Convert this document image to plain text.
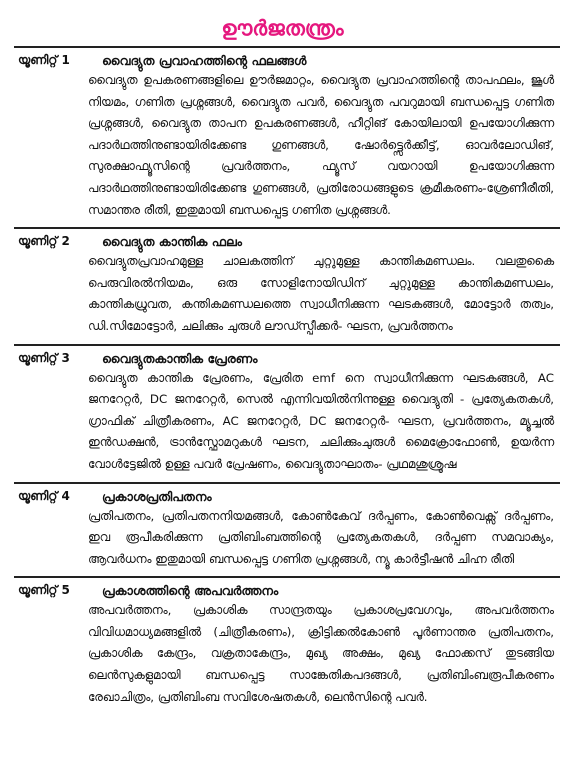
ഊർജതന്ത്രം
യൂണിറ്റ് 1	വൈദ്യുത പ്രവാഹത്തിന്റെ ഫലങ്ങൾ
വൈദ്യുത ഉപകരണങ്ങളിലെ ഊർജമാറ്റം, വൈദ്യുത പ്രവാഹത്തിന്റെ താപഫലം, ജൂൾ നിയമം, ഗണിത പ്രശ്നങ്ങൾ, വൈദ്യുത പവർ, വൈദ്യുത പവറുമായി ബന്ധപ്പെട്ട ഗണിത പ്രശ്നങ്ങൾ, വൈദ്യുത താപന ഉപകരണങ്ങൾ, ഹീറ്റിങ് കോയിലായി ഉപയോഗിക്കുന്ന പദാർഥത്തിനുണ്ടായിരിക്കേണ്ട ഗുണങ്ങൾ, ഷോർട്ട്സെർക്കീട്ട്, ഓവർലോഡിങ്, സുരക്ഷാഫ്യൂസിന്റെ പ്രവർത്തനം, ഫ്യൂസ് വയറായി ഉപയോഗിക്കുന്ന പദാർഥത്തിനുണ്ടായിരിക്കേണ്ട ഗുണങ്ങൾ, പ്രതിരോധങ്ങളുടെ ക്രമീകരണം-ശ്രേണീരീതി, സമാന്തര രീതി, ഇതുമായി ബന്ധപ്പെട്ട ഗണിത പ്രശ്നങ്ങൾ.
യൂണിറ്റ് 2	വൈദ്യുത കാന്തിക ഫലം
വൈദ്യുതപ്രവാഹമുള്ള ചാലകത്തിന് ചുറ്റുമുള്ള കാന്തികമണ്ഡലം. വലതുകൈ പെരുവിരൽനിയമം, ഒരു സോളിനോയിഡിന് ചുറ്റുമുള്ള കാന്തികമണ്ഡലം, കാന്തികധ്രുവത, കന്തികമണ്ഡലത്തെ സ്വാധീനിക്കുന്ന ഘടകങ്ങൾ, മോട്ടോർ തത്വം, ഡി.സിമോട്ടോർ, ചലിക്കും ചുരുൾ ലൗഡ്സ്പീക്കർ- ഘടന, പ്രവർത്തനം
യൂണിറ്റ് 3	വൈദ്യുതകാന്തിക പ്രേരണം
വൈദ്യുത കാന്തിക പ്രേരണം, പ്രേരിത emf നെ സ്വാധീനിക്കുന്ന ഘടകങ്ങൾ, AC ജനറേറ്റർ, DC ജനറേറ്റർ, സെൽ എന്നിവയിൽനിന്നുള്ള വൈദ്യുതി - പ്രത്യേകതകൾ, ഗ്രാഫിക് ചിത്രീകരണം, AC ജനറേറ്റർ, DC ജനറേറ്റർ- ഘടന, പ്രവർത്തനം, മ്യൂച്ചൽ ഇൻഡക്ഷൻ, ട്രാൻസ്ഫോമറുകൾ ഘടന, ചലിക്കുംചുരുൾ മൈക്രോഫോൺ, ഉയർന്ന വോൾട്ടേജിൽ ഉള്ള പവർ പ്രേഷണം, വൈദ്യുതാഘാതം- പ്രഥമശുശ്രൂഷ
യൂണിറ്റ് 4	പ്രകാശപ്രതിപതനം
പ്രതിപതനം, പ്രതിപതനനിയമങ്ങൾ, കോൺകേവ് ദർപ്പണം, കോൺവെക്സ് ദർപ്പണം, ഇവ രൂപീകരിക്കുന്ന പ്രതിബിംബത്തിന്റെ പ്രത്യേകതകൾ, ദർപ്പണ സമവാക്യം, ആവർധനം ഇതുമായി ബന്ധപ്പെട്ട ഗണിത പ്രശ്നങ്ങൾ, ന്യൂ കാർട്ടീഷൻ ചിഹ്ന രീതി
യൂണിറ്റ് 5	പ്രകാശത്തിന്റെ അപവർത്തനം
അപവർത്തനം, പ്രകാശിക സാന്ദ്രതയും പ്രകാശപ്രവേഗവും, അപവർത്തനം വിവിധമാധ്യമങ്ങളിൽ (ചിത്രീകരണം), ക്രിട്ടിക്കൽകോൺ പൂർണാന്തര പ്രതിപതനം, പ്രകാശിക കേന്ദ്രം, വക്രതാകേന്ദ്രം, മുഖ്യ അക്ഷം, മുഖ്യ ഫോക്കസ് തുടങ്ങിയ ലെൻസുകളുമായി ബന്ധപ്പെട്ട സാങ്കേതികപദങ്ങൾ, പ്രതിബിംബരൂപീകരണം രേഖാചിത്രം, പ്രതിബിംബ സവിശേഷതകൾ, ലെൻസിന്റെ പവർ.
